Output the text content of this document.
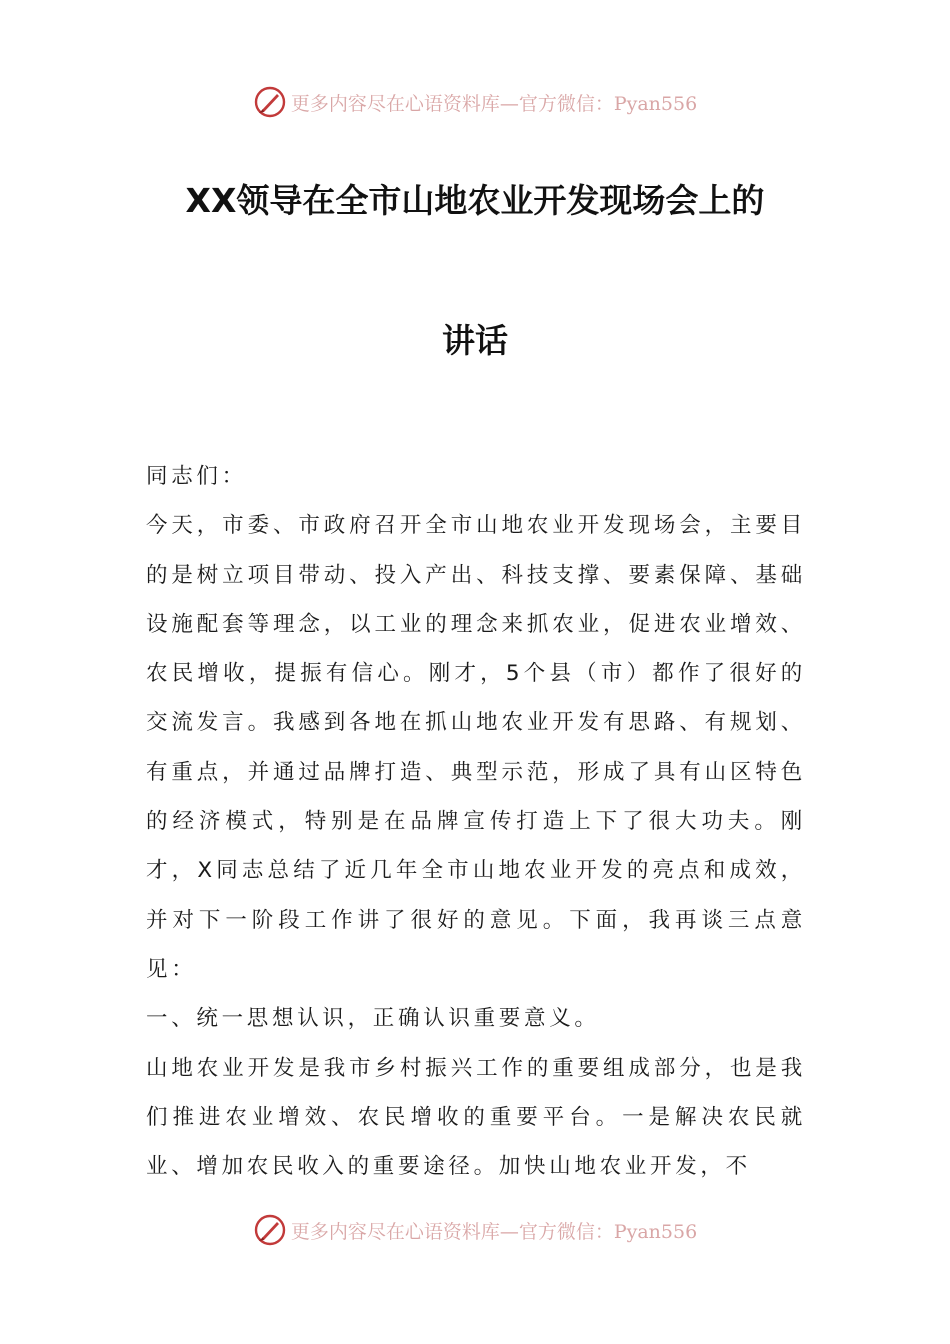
更多内容尽在心语资料库—官方微信：Pyan556
XX领导在全市山地农业开发现场会上的
讲话

同志们：

今天，市委、市政府召开全市山地农业开发现场会，主要目的是树立项目带动、投入产出、科技支撑、要素保障、基础设施配套等理念，以工业的理念来抓农业，促进农业增效、农民增收，提振有信心。刚才，5个县（市）都作了很好的交流发言。我感到各地在抓山地农业开发有思路、有规划、有重点，并通过品牌打造、典型示范，形成了具有山区特色的经济模式，特别是在品牌宣传打造上下了很大功夫。刚才，X同志总结了近几年全市山地农业开发的亮点和成效，并对下一阶段工作讲了很好的意见。下面，我再谈三点意见：

一、统一思想认识，正确认识重要意义。

山地农业开发是我市乡村振兴工作的重要组成部分，也是我们推进农业增效、农民增收的重要平台。一是解决农民就业、增加农民收入的重要途径。加快山地农业开发，不

更多内容尽在心语资料库—官方微信：Pyan556
